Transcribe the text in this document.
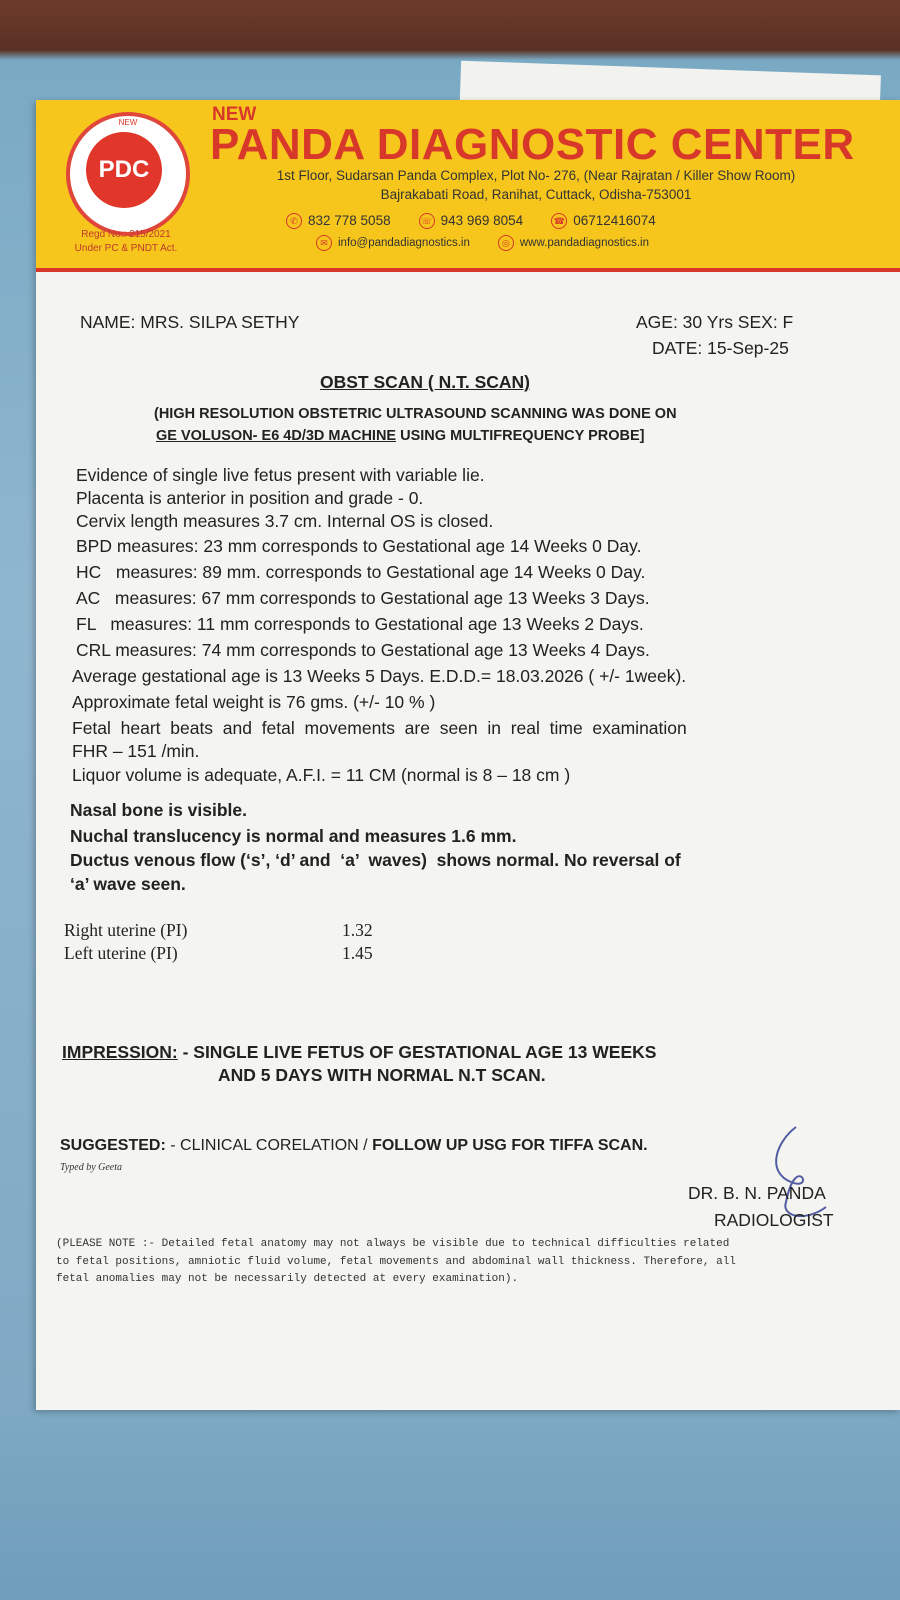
NEW
PDC
Regd No.: 215/2021
Under PC & PNDT Act.
NEW
PANDA DIAGNOSTIC CENTER
1st Floor, Sudarsan Panda Complex, Plot No- 276, (Near Rajratan / Killer Show Room)
Bajrakabati Road, Ranihat, Cuttack, Odisha-753001
✆ 832 778 5058	☏ 943 969 8054	☎ 06712416074
✉ info@pandadiagnostics.in	◎ www.pandadiagnostics.in
NAME: MRS. SILPA SETHY	AGE: 30 Yrs SEX: F
DATE: 15-Sep-25
OBST SCAN ( N.T. SCAN)
(HIGH RESOLUTION OBSTETRIC ULTRASOUND SCANNING WAS DONE ON
GE VOLUSON- E6 4D/3D MACHINE USING MULTIFREQUENCY PROBE]
Evidence of single live fetus present with variable lie.
Placenta is anterior in position and grade - 0.
Cervix length measures 3.7 cm. Internal OS is closed.
BPD measures: 23 mm corresponds to Gestational age 14 Weeks 0 Day.
HC   measures: 89 mm. corresponds to Gestational age 14 Weeks 0 Day.
AC   measures: 67 mm corresponds to Gestational age 13 Weeks 3 Days.
FL   measures: 11 mm corresponds to Gestational age 13 Weeks 2 Days.
CRL measures: 74 mm corresponds to Gestational age 13 Weeks 4 Days.
Average gestational age is 13 Weeks 5 Days. E.D.D.= 18.03.2026 ( +/- 1week).
Approximate fetal weight is 76 gms. (+/- 10 % )
Fetal  heart  beats  and  fetal  movements  are  seen  in  real  time  examination
FHR – 151 /min.
Liquor volume is adequate, A.F.I. = 11 CM (normal is 8 – 18 cm )
Nasal bone is visible.
Nuchal translucency is normal and measures 1.6 mm.
Ductus venous flow (‘s’, ‘d’ and  ‘a’  waves)  shows normal. No reversal of
‘a’ wave seen.
Right uterine (PI)	1.32
Left uterine (PI)	1.45
IMPRESSION: - SINGLE LIVE FETUS OF GESTATIONAL AGE 13 WEEKS
AND 5 DAYS WITH NORMAL N.T SCAN.
SUGGESTED: - CLINICAL CORELATION / FOLLOW UP USG FOR TIFFA SCAN.
Typed by Geeta
DR. B. N. PANDA
RADIOLOGIST
(PLEASE NOTE :- Detailed fetal anatomy may not always be visible due to technical difficulties related
to fetal positions, amniotic fluid volume, fetal movements and abdominal wall thickness. Therefore, all
fetal anomalies may not be necessarily detected at every examination).
